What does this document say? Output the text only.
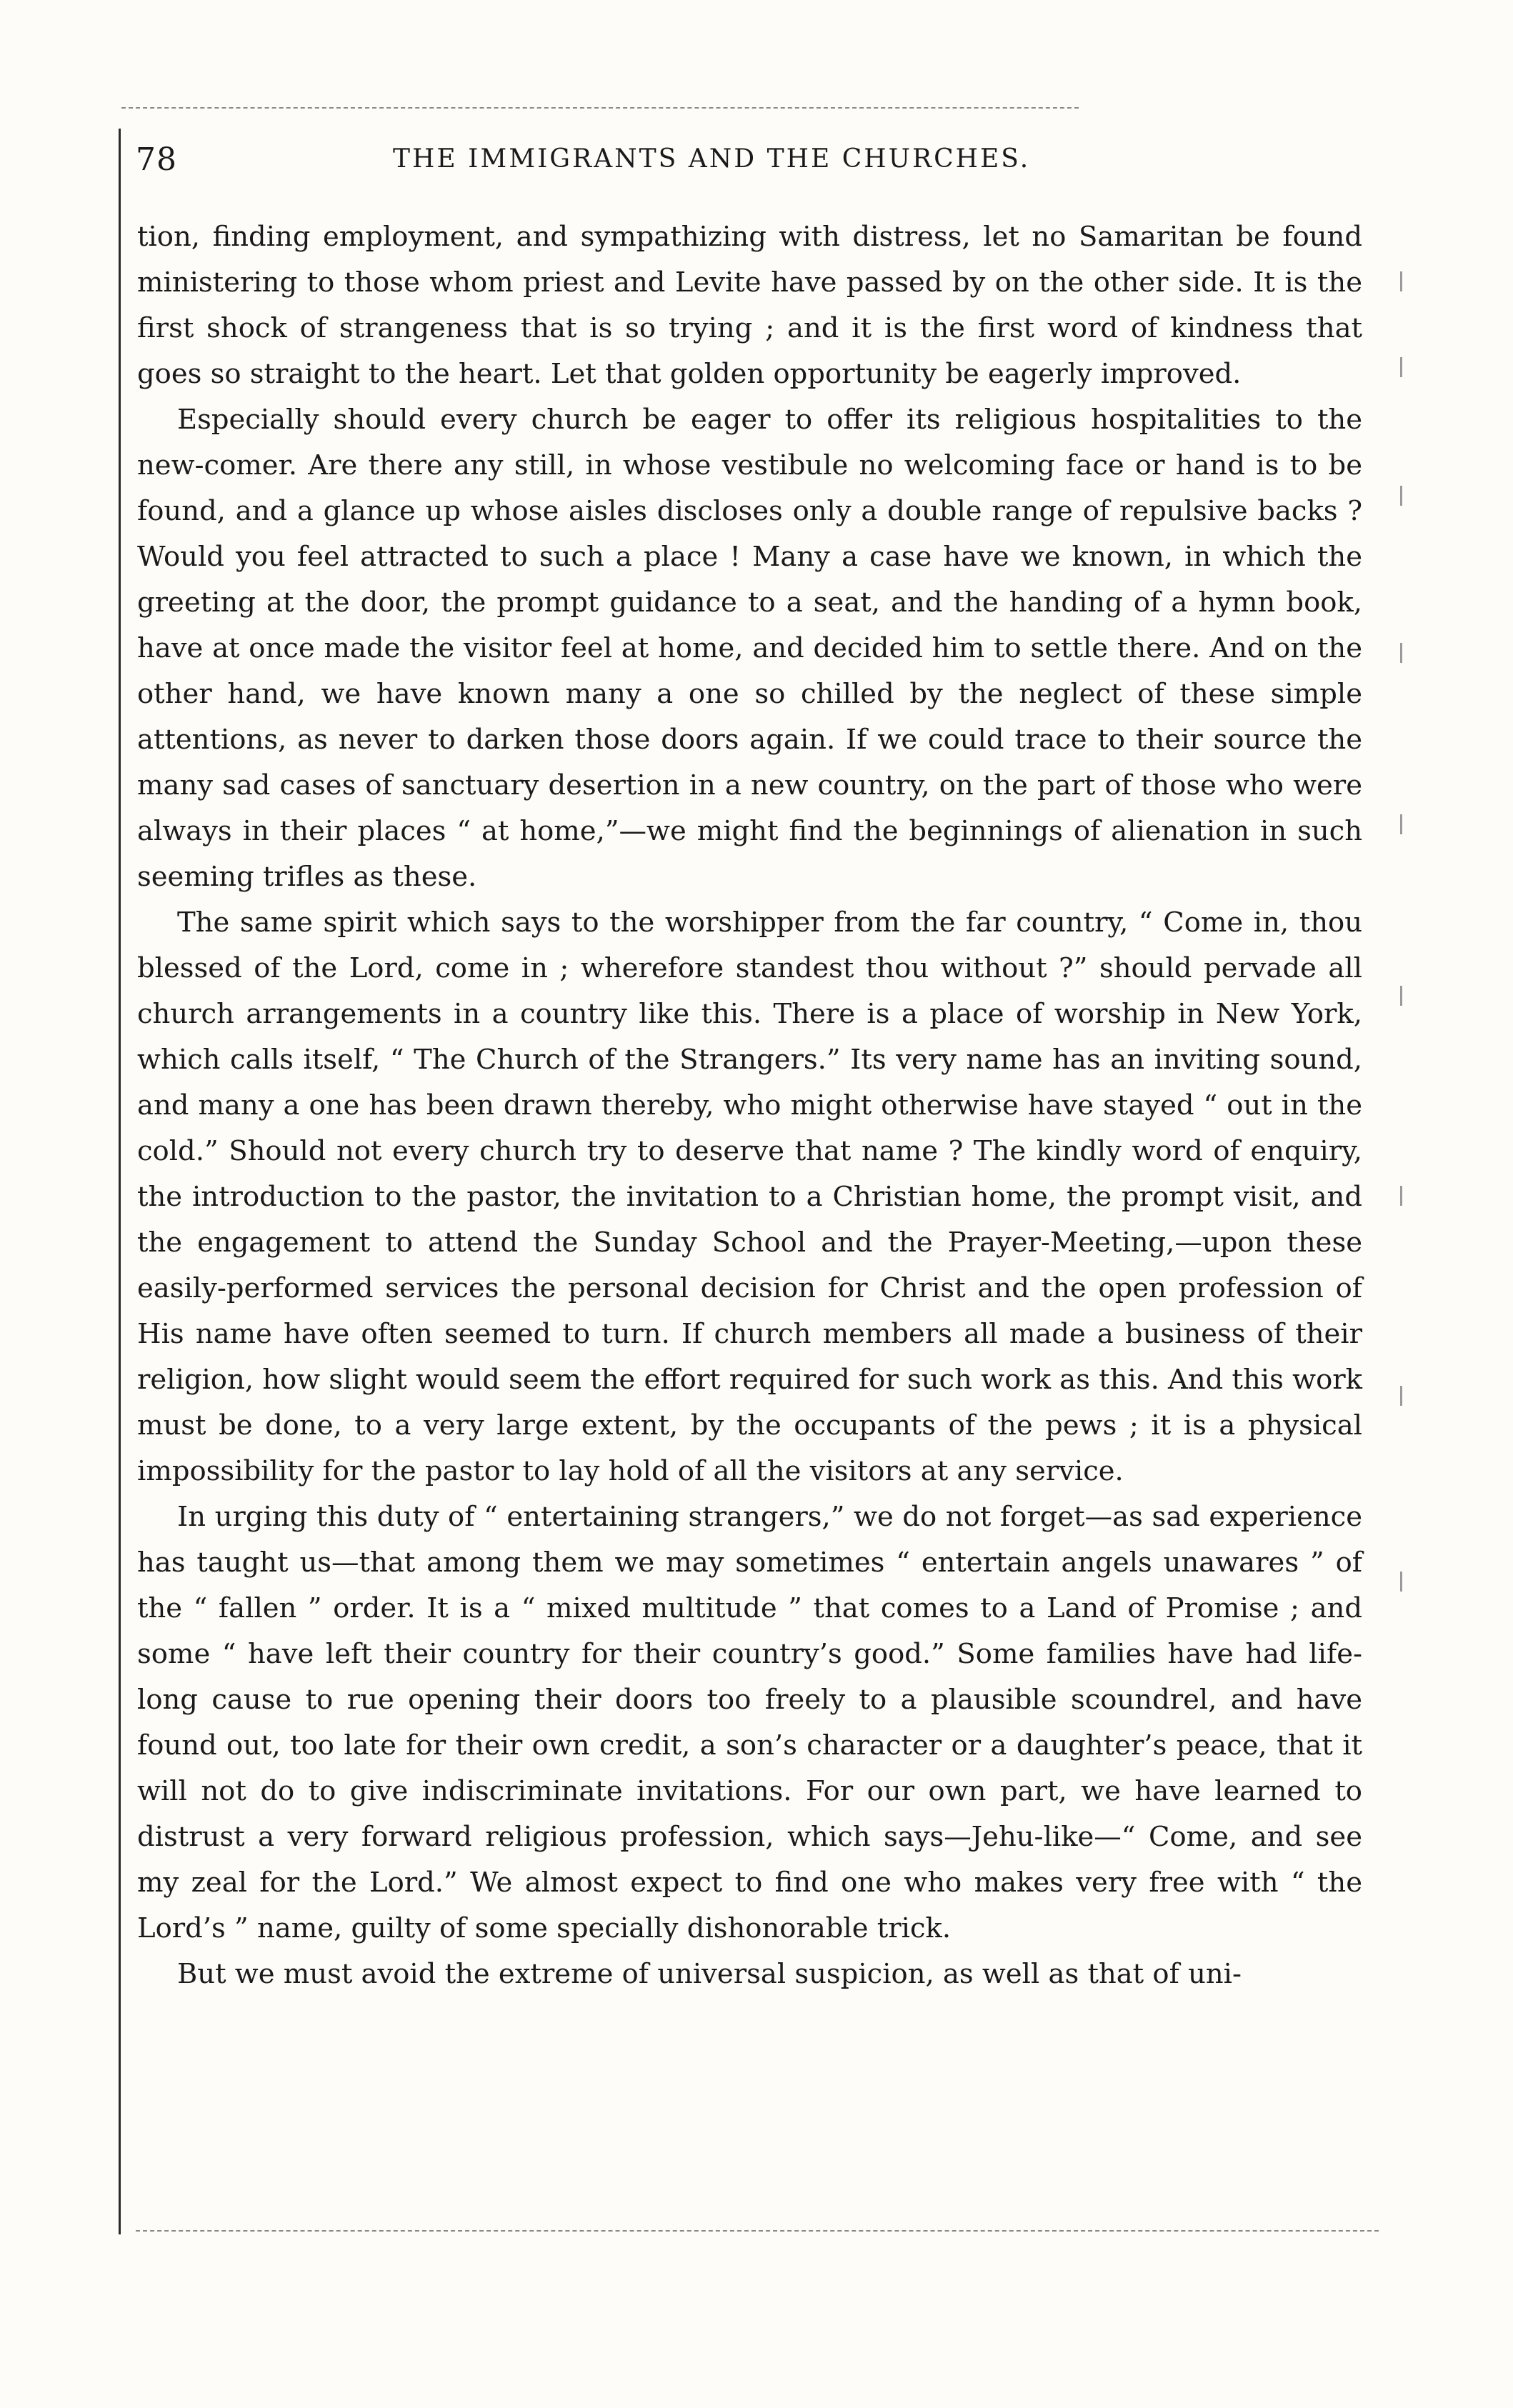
78	THE IMMIGRANTS AND THE CHURCHES.

tion, finding employment, and sympathizing with distress, let no Samaritan be found ministering to those whom priest and Levite have passed by on the other side. It is the first shock of strangeness that is so trying ; and it is the first word of kindness that goes so straight to the heart. Let that golden opportunity be eagerly improved.

Especially should every church be eager to offer its religious hospitalities to the new-comer. Are there any still, in whose vestibule no welcoming face or hand is to be found, and a glance up whose aisles discloses only a double range of repulsive backs ? Would you feel attracted to such a place ! Many a case have we known, in which the greeting at the door, the prompt guidance to a seat, and the handing of a hymn book, have at once made the visitor feel at home, and decided him to settle there. And on the other hand, we have known many a one so chilled by the neglect of these simple attentions, as never to darken those doors again. If we could trace to their source the many sad cases of sanctuary desertion in a new country, on the part of those who were always in their places “ at home,”—we might find the beginnings of alienation in such seeming trifles as these.

The same spirit which says to the worshipper from the far country, “ Come in, thou blessed of the Lord, come in ; wherefore standest thou without ?” should pervade all church arrangements in a country like this. There is a place of worship in New York, which calls itself, “ The Church of the Strangers.” Its very name has an inviting sound, and many a one has been drawn thereby, who might otherwise have stayed “ out in the cold.” Should not every church try to deserve that name ? The kindly word of enquiry, the introduction to the pastor, the invitation to a Christian home, the prompt visit, and the engagement to attend the Sunday School and the Prayer-Meeting,—upon these easily-performed services the personal decision for Christ and the open profession of His name have often seemed to turn. If church members all made a business of their religion, how slight would seem the effort required for such work as this. And this work must be done, to a very large extent, by the occupants of the pews ; it is a physical impossibility for the pastor to lay hold of all the visitors at any service.

In urging this duty of “ entertaining strangers,” we do not forget—as sad experience has taught us—that among them we may sometimes “ entertain angels unawares ” of the “ fallen ” order. It is a “ mixed multitude ” that comes to a Land of Promise ; and some “ have left their country for their country’s good.” Some families have had life-long cause to rue opening their doors too freely to a plausible scoundrel, and have found out, too late for their own credit, a son’s character or a daughter’s peace, that it will not do to give indiscriminate invitations. For our own part, we have learned to distrust a very forward religious profession, which says—Jehu-like—“ Come, and see my zeal for the Lord.” We almost expect to find one who makes very free with “ the Lord’s ” name, guilty of some specially dishonorable trick.

But we must avoid the extreme of universal suspicion, as well as that of uni-
